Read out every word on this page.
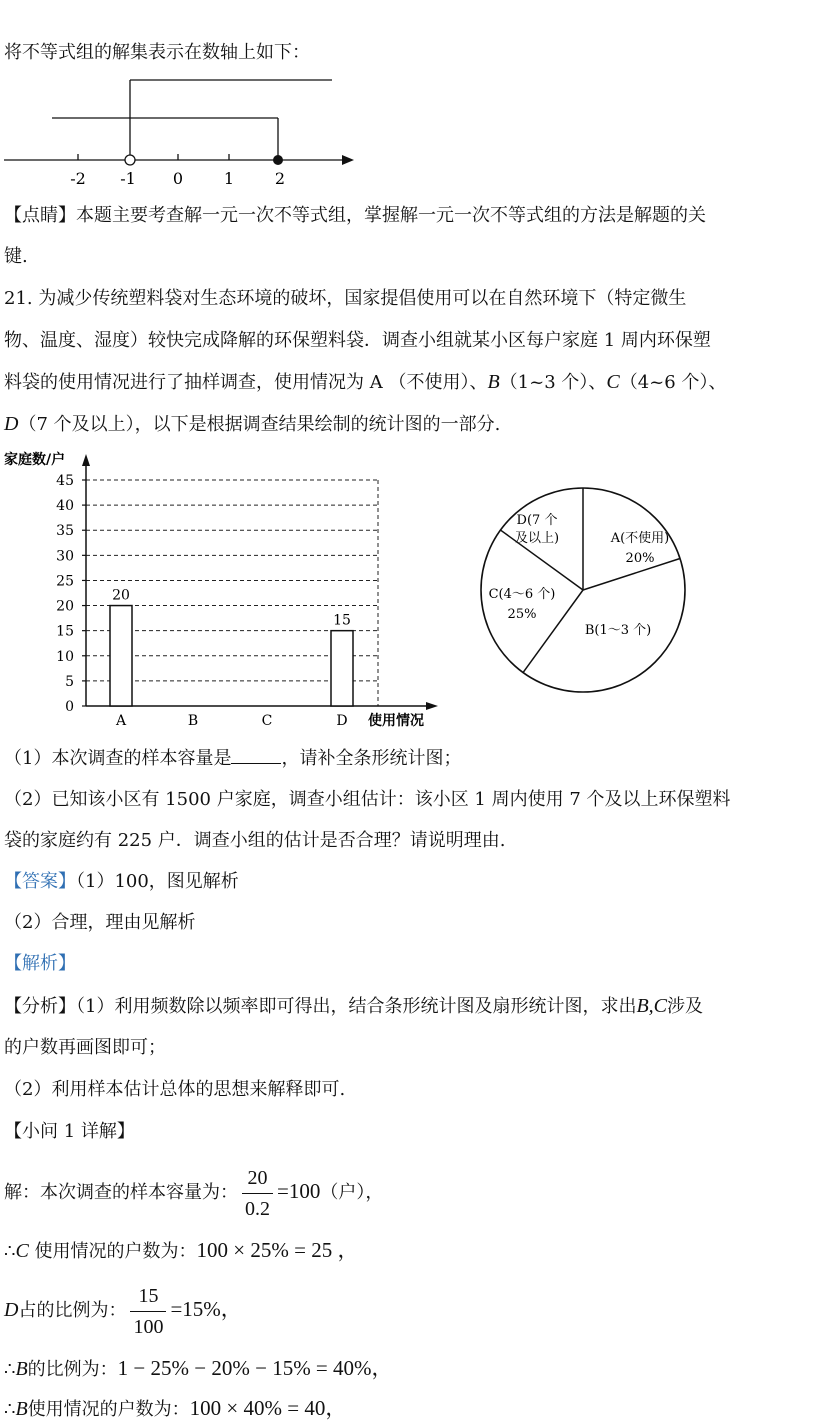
将不等式组的解集表示在数轴上如下：
-2 -1 0	1	2
【点睛】本题主要考查解一元一次不等式组，掌握解一元一次不等式组的方法是解题的关
键.
21. 为减少传统塑料袋对生态环境的破坏，国家提倡使用可以在自然环境下（特定微生
物、温度、湿度）较快完成降解的环保塑料袋．调查小组就某小区每户家庭 1 周内环保塑
料袋的使用情况进行了抽样调查，使用情况为 A （不使用）、B（1~3 个）、C（4~6 个）、
D（7 个及以上），以下是根据调查结果绘制的统计图的一部分.
0
5
10
15
20
25
30
35
40
45
家庭数/户
使用情况
A
20
B	C	D
15
A(不使用)
20%
B(1～3 个)
C(4～6 个)
25%
D(7 个
及以上)
（1）本次调查的样本容量是	，请补全条形统计图；
（2）已知该小区有 1500 户家庭，调查小组估计：该小区 1 周内使用 7 个及以上环保塑料
袋的家庭约有 225 户．调查小组的估计是否合理？请说明理由.
【答案】（1）100，图见解析
（2）合理，理由见解析
【解析】
【分析】（1）利用频数除以频率即可得出，结合条形统计图及扇形统计图，求出B,C涉及
的户数再画图即可；
（2）利用样本估计总体的思想来解释即可.
【小问 1 详解】
解：本次调查的样本容量为： $\frac{20}{0.2} =100$（户），
∴C 使用情况的户数为：100 × 25% = 25 ，
D占的比例为： $\frac{15}{100} =15\%$，
∴B的比例为：1 − 25% − 20% − 15% = 40%，
∴B使用情况的户数为：100 × 40% = 40，
